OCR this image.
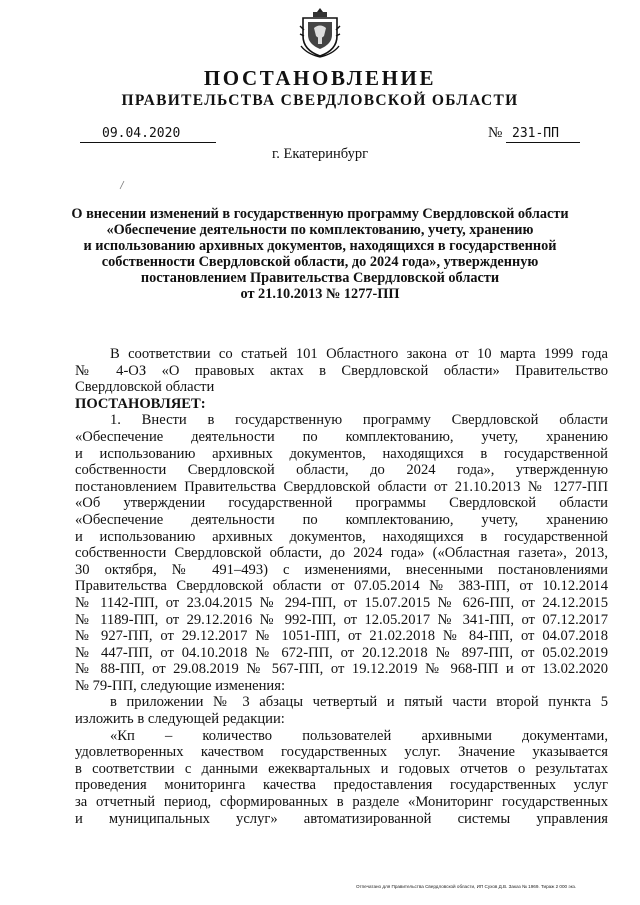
ПОСТАНОВЛЕНИЕ
ПРАВИТЕЛЬСТВА СВЕРДЛОВСКОЙ ОБЛАСТИ
09.04.2020	№ 231-ПП
г. Екатеринбург
О внесении изменений в государственную программу Свердловской области
«Обеспечение деятельности по комплектованию, учету, хранению
и использованию архивных документов, находящихся в государственной
собственности Свердловской области, до 2024 года», утвержденную
постановлением Правительства Свердловской области
от 21.10.2013 № 1277-ПП
В соответствии со статьей 101 Областного закона от 10 марта 1999 года
№ 4-ОЗ «О правовых актах в Свердловской области» Правительство
Свердловской области
ПОСТАНОВЛЯЕТ:
1. Внести в государственную программу Свердловской области
«Обеспечение деятельности по комплектованию, учету, хранению
и использованию архивных документов, находящихся в государственной
собственности Свердловской области, до 2024 года», утвержденную
постановлением Правительства Свердловской области от 21.10.2013 № 1277-ПП
«Об утверждении государственной программы Свердловской области
«Обеспечение деятельности по комплектованию, учету, хранению
и использованию архивных документов, находящихся в государственной
собственности Свердловской области, до 2024 года» («Областная газета», 2013,
30 октября, № 491–493) с изменениями, внесенными постановлениями
Правительства Свердловской области от 07.05.2014 № 383-ПП, от 10.12.2014
№ 1142-ПП, от 23.04.2015 № 294-ПП, от 15.07.2015 № 626-ПП, от 24.12.2015
№ 1189-ПП, от 29.12.2016 № 992-ПП, от 12.05.2017 № 341-ПП, от 07.12.2017
№ 927-ПП, от 29.12.2017 № 1051-ПП, от 21.02.2018 № 84-ПП, от 04.07.2018
№ 447-ПП, от 04.10.2018 № 672-ПП, от 20.12.2018 № 897-ПП, от 05.02.2019
№ 88-ПП, от 29.08.2019 № 567-ПП, от 19.12.2019 № 968-ПП и от 13.02.2020
№ 79-ПП, следующие изменения:
в приложении № 3 абзацы четвертый и пятый части второй пункта 5
изложить в следующей редакции:
«Кп – количество пользователей архивными документами,
удовлетворенных качеством государственных услуг. Значение указывается
в соответствии с данными ежеквартальных и годовых отчетов о результатах
проведения мониторинга качества предоставления государственных услуг
за отчетный период, сформированных в разделе «Мониторинг государственных
и муниципальных услуг» автоматизированной системы управления
Отпечатано для Правительства Свердловской области, ИП Сухов Д.В. Заказ № 1969. Тираж 2 000 экз.
